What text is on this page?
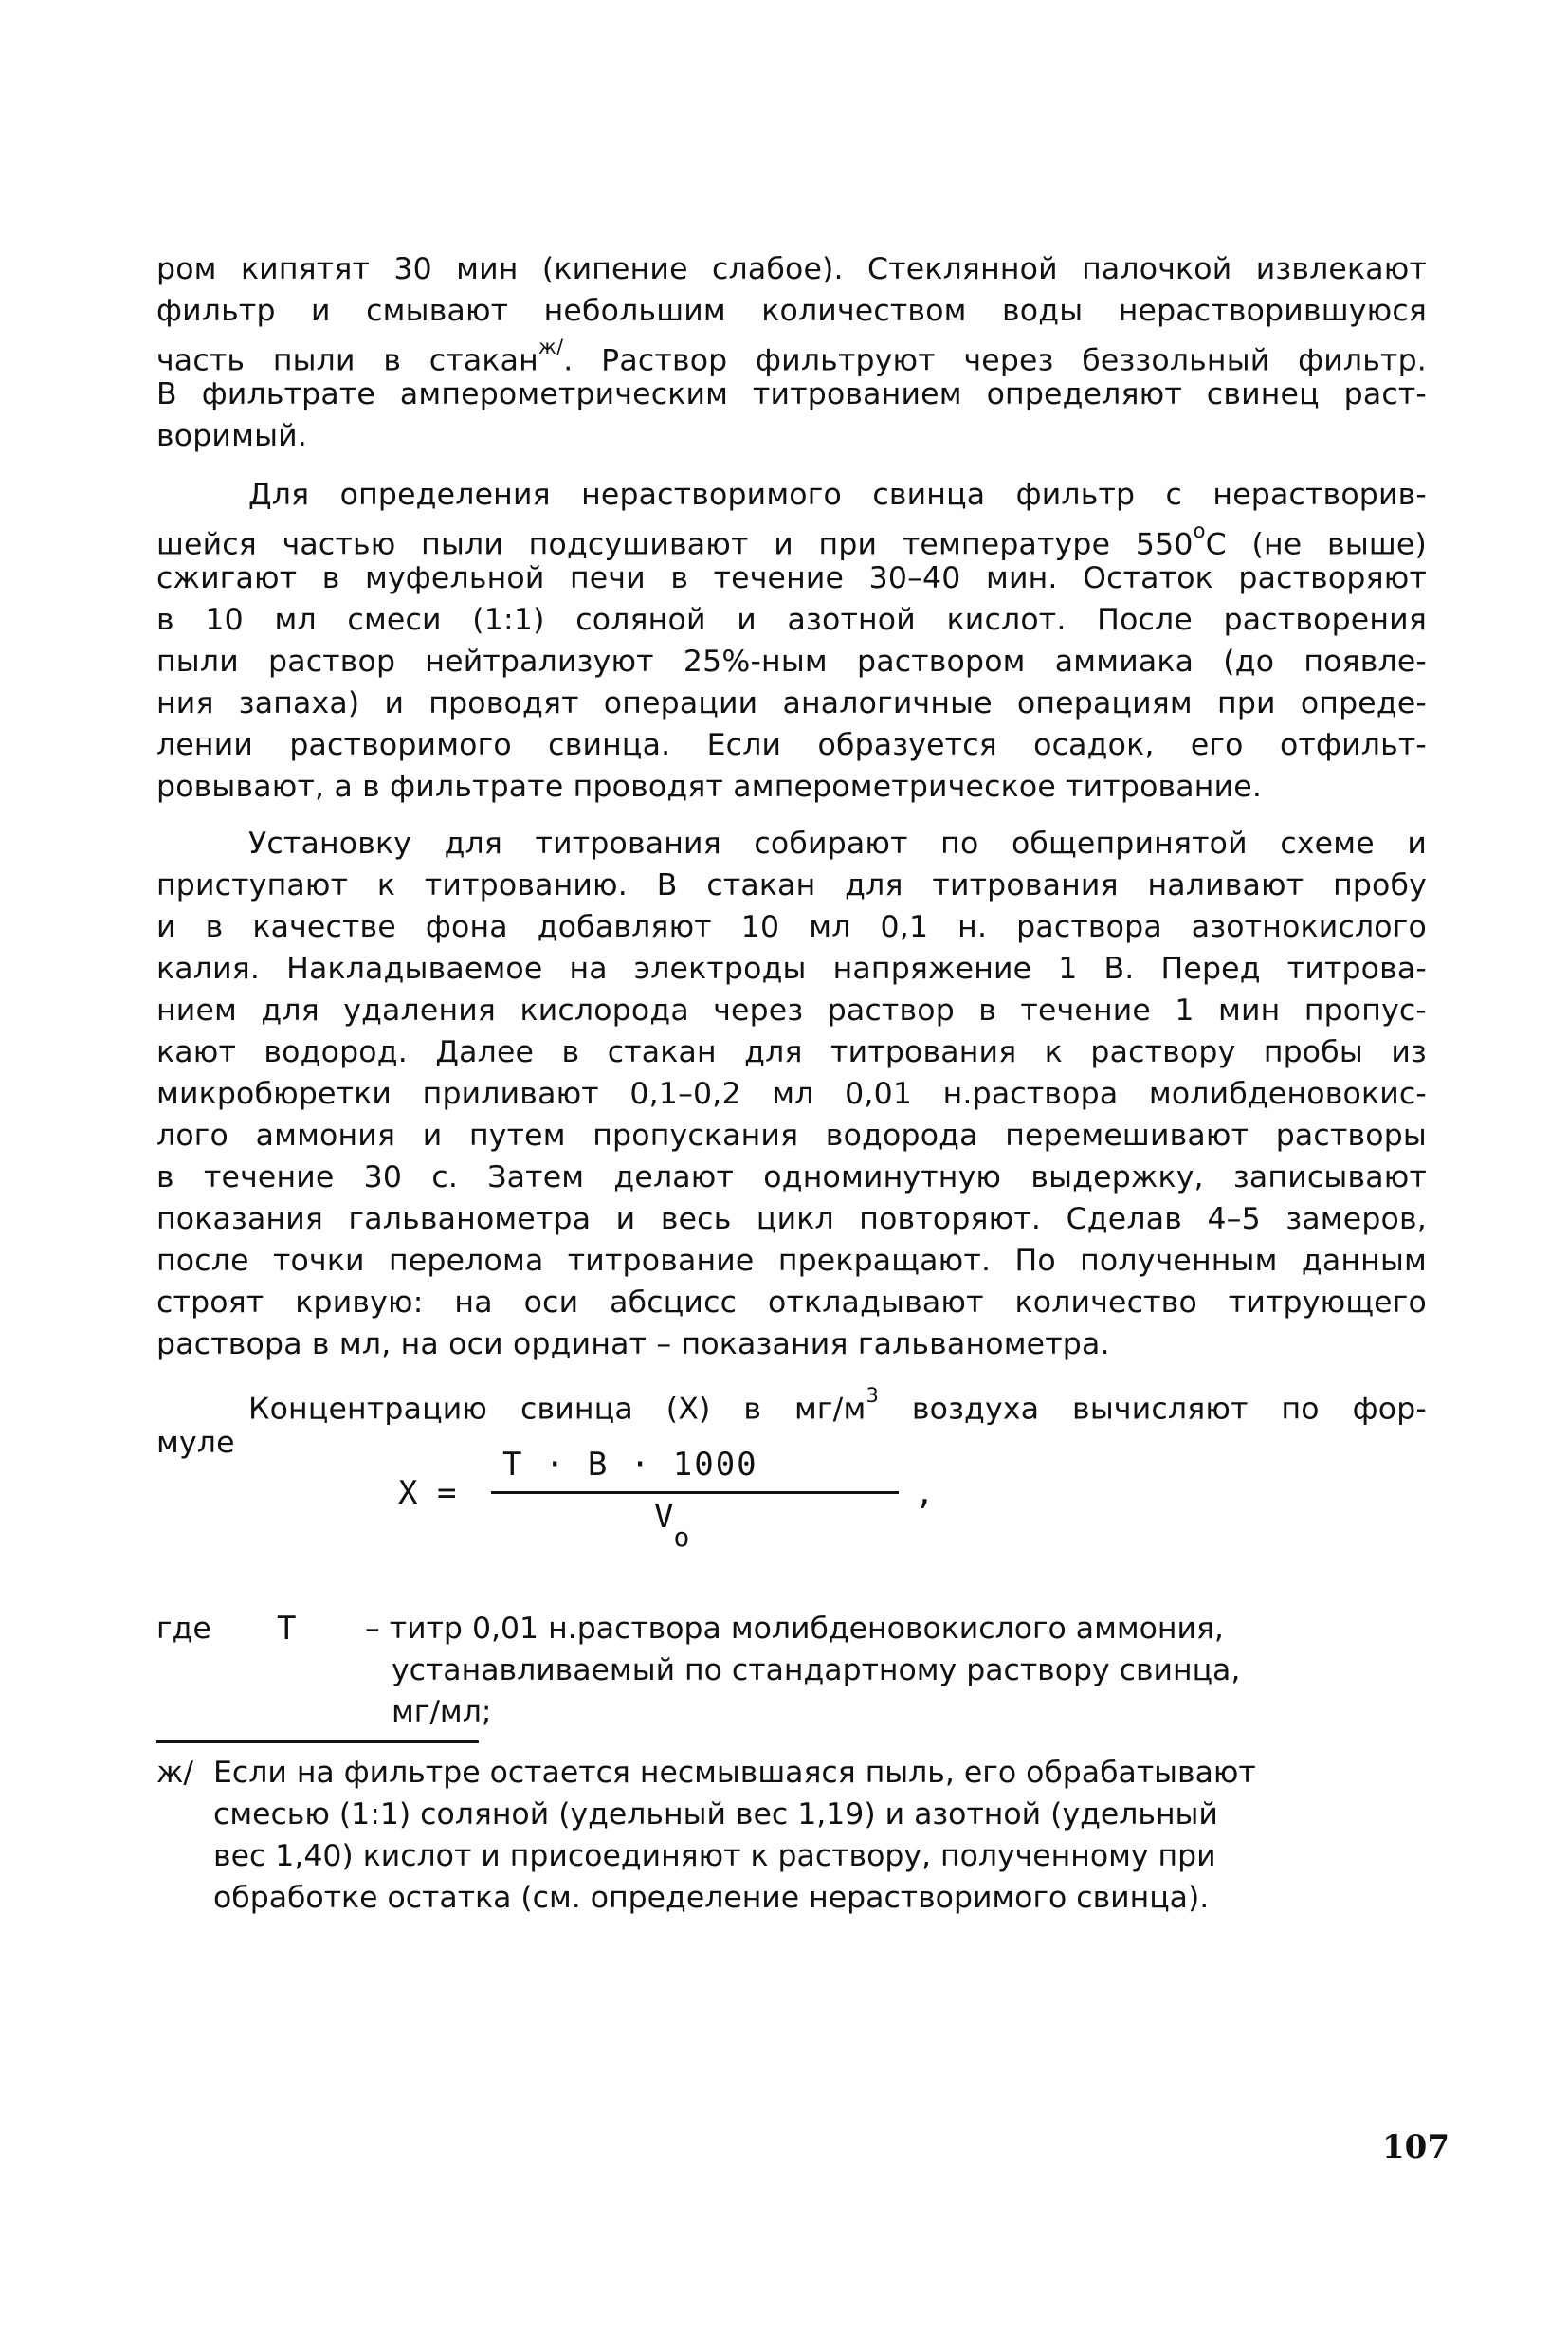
ром кипятят 30 мин (кипение слабое). Стеклянной палочкой извлекают
фильтр и смывают небольшим количеством воды нерастворившуюся
часть пыли в стакан$^{ж/}$. Раствор фильтруют через беззольный фильтр.
В фильтрате амперометрическим титрованием определяют свинец раст-
воримый.
Для определения нерастворимого свинца фильтр с нерастворив-
шейся частью пыли подсушивают и при температуре 550$^о$С (не выше)
сжигают в муфельной печи в течение 30–40 мин. Остаток растворяют
в 10 мл смеси (1:1) соляной и азотной кислот. После растворения
пыли раствор нейтрализуют 25%-ным раствором аммиака (до появле-
ния запаха) и проводят операции аналогичные операциям при опреде-
лении растворимого свинца. Если образуется осадок, его отфильт-
ровывают, а в фильтрате проводят амперометрическое титрование.
Установку для титрования собирают по общепринятой схеме и
приступают к титрованию. В стакан для титрования наливают пробу
и в качестве фона добавляют 10 мл 0,1 н. раствора азотнокислого
калия. Накладываемое на электроды напряжение 1 В. Перед титрова-
нием для удаления кислорода через раствор в течение 1 мин пропус-
кают водород. Далее в стакан для титрования к раствору пробы из
микробюретки приливают 0,1–0,2 мл 0,01 н.раствора молибденовокис-
лого аммония и путем пропускания водорода перемешивают растворы
в течение 30 с. Затем делают одноминутную выдержку, записывают
показания гальванометра и весь цикл повторяют. Сделав 4–5 замеров,
после точки перелома титрование прекращают. По полученным данным
строят кривую: на оси абсцисс откладывают количество титрующего
раствора в мл, на оси ординат – показания гальванометра.
Концентрацию свинца (X) в мг/м$^3$ воздуха вычисляют по фор-
муле
X =
T · B · 1000
$V_o$
,
где T – титр 0,01 н.раствора молибденовокислого аммония,
устанавливаемый по стандартному раствору свинца,
мг/мл;
ж/ Если на фильтре остается несмывшаяся пыль, его обрабатывают
смесью (1:1) соляной (удельный вес 1,19) и азотной (удельный
вес 1,40) кислот и присоединяют к раствору, полученному при
обработке остатка (см. определение нерастворимого свинца).
107
